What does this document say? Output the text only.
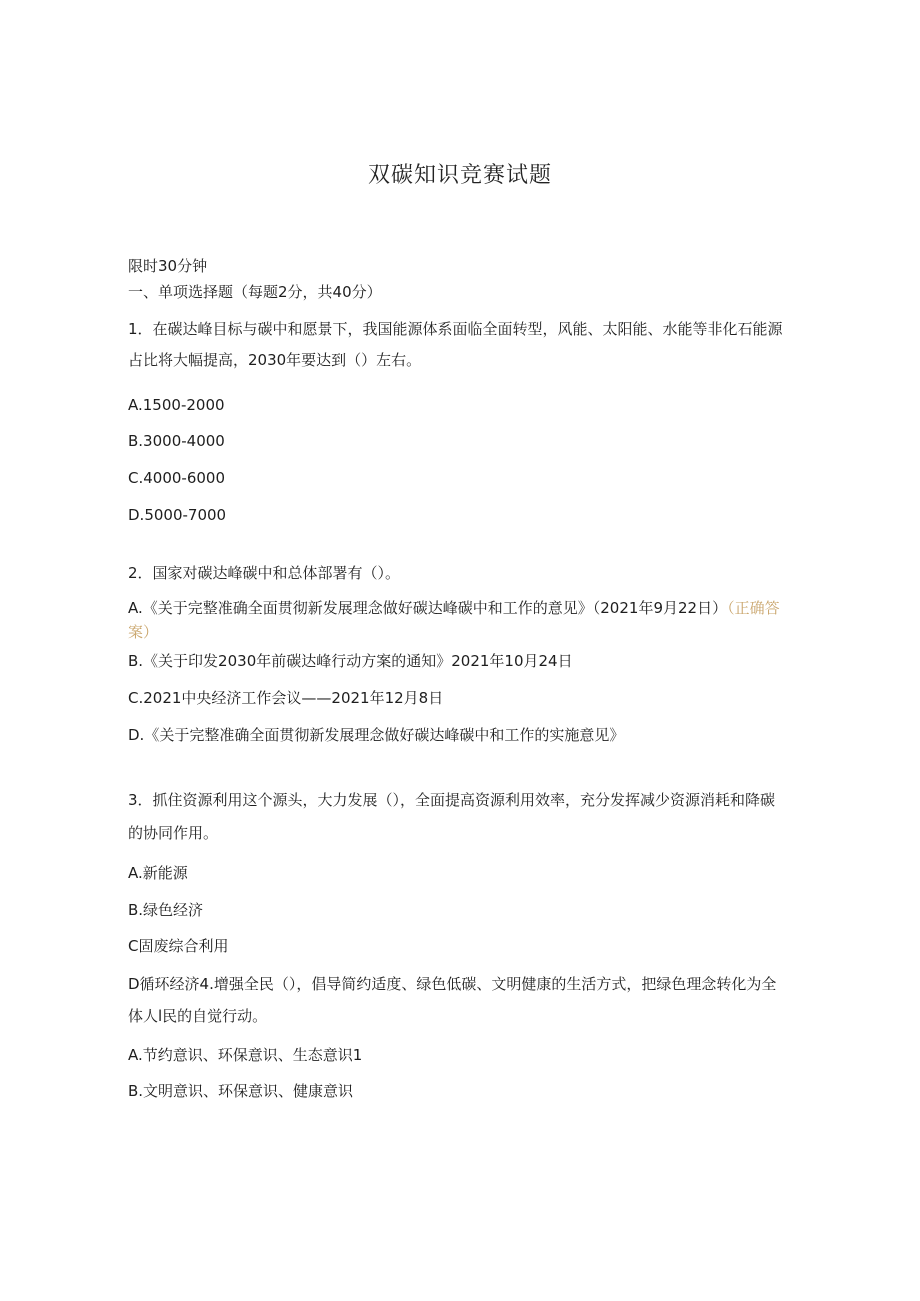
双碳知识竞赛试题
限时30分钟
一、单项选择题（每题2分，共40分）
1．在碳达峰目标与碳中和愿景下，我国能源体系面临全面转型，风能、太阳能、水能等非化石能源占比将大幅提高，2030年要达到（）左右。
A.1500-2000
B.3000-4000
C.4000-6000
D.5000-7000
2．国家对碳达峰碳中和总体部署有（）。
A.《关于完整准确全面贯彻新发展理念做好碳达峰碳中和工作的意见》（2021年9月22日）（正确答案）
B.《关于印发2030年前碳达峰行动方案的通知》2021年10月24日
C.2021中央经济工作会议——2021年12月8日
D.《关于完整准确全面贯彻新发展理念做好碳达峰碳中和工作的实施意见》
3．抓住资源利用这个源头，大力发展（），全面提高资源利用效率，充分发挥减少资源消耗和降碳的协同作用。
A.新能源
B.绿色经济
C固废综合利用
D循环经济4.增强全民（），倡导简约适度、绿色低碳、文明健康的生活方式，把绿色理念转化为全体人l民的自觉行动。
A.节约意识、环保意识、生态意识1
B.文明意识、环保意识、健康意识
